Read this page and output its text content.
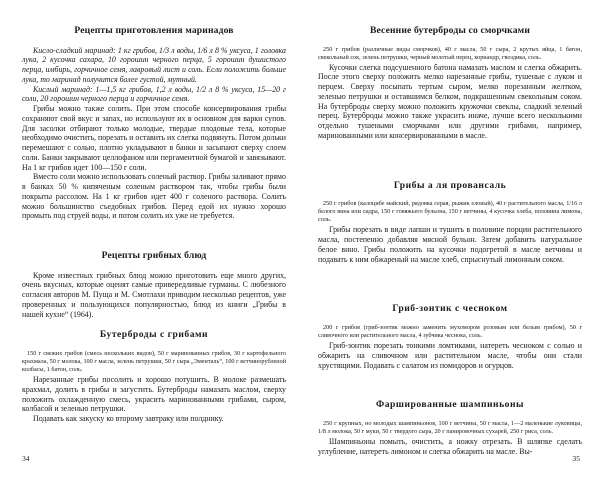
Рецепты приготовления маринадов

Кисло-сладкий маринад: 1 кг грибов, 1/3 л воды, 1/6 л 8 % уксуса, 1 головка лука, 2 кусочка сахара, 10 горошин черного перца, 5 горошин душистого перца, имбирь, горчичное семя, лавровый лист и соль. Если положить больше лука, то маринад получится более густой, мутный.

Кислый маринад: 1—1,5 кг грибов, 1,2 л воды, 1/2 л 8 % уксуса, 15—20 г соли, 20 горошин черного перца и горчичное семя.

Грибы можно также солить. При этом способе консервирования грибы сохраняют свой вкус и запах, но используют их в основном для варки супов. Для засолки отбирают только молодые, твердые плодовые тела, которые необходимо очистить, порезать и оставить их слегка подвянуть. Потом дольки перемешают с солью, плотно укладывают в банки и засыпают сверху слоем соли. Банки закрывают целлофаном или пергаментной бумагой и завязывают. На 1 кг грибов идет 100—150 г соли.

Вместо соли можно использовать соленый раствор. Грибы заливают прямо в банках 50 % кипяченым соленым раствором так, чтобы грибы были покрыты рассолом. На 1 кг грибов идет 400 г соленого раствора. Солить можно большинство съедобных грибов. Перед едой их нужно хорошо промыть под струей воды, и потом солить их уже не требуется.

Рецепты грибных блюд

Кроме известных грибных блюд можно приготовить еще много других, очень вкусных, которые оценят самые привередливые гурманы. С любезного согласия авторов М. Пуща и М. Смотлахи приводим несколько рецептов, уже проверенных и пользующихся популярностью, блюд из книги „Грибы в нашей кухне“ (1964).

Бутерброды с грибами

150 г свежих грибов (смесь нескольких видов), 50 г маринованных грибов, 30 г картофельного крахмала, 50 г молока, 100 г масла, зелень петрушки, 50 г сыра „Эменталь“, 100 г ветчинорубленой колбасы, 1 батон, соль.

Нарезанные грибы посолить и хорошо потушить. В молоке размешать крахмал, долить в грибы и загустить. Бутерброды намазать маслом, сверху положить охлажденную смесь, украсить маринованными грибами, сыром, колбасой и зеленью петрушки.

Подавать как закуску ко второму завтраку или полднику.

34
Весенние бутерброды со сморчками

250 г грибов (различные виды сморчков), 40 г масла, 50 г сыра, 2 крутых яйца, 1 батон, свекольный сок, зелень петрушки, черный молотый перец, кориандр, гвоздика, соль.

Кусочки слегка подсушенного батона намазать маслом и слегка обжарить. После этого сверху положить мелко нарезанные грибы, тушеные с луком и перцем. Сверху посыпать тертым сыром, мелко порезанным желтком, зеленью петрушки и оставшимся белком, подкрашенным свекольным соком. На бутерброды сверху можно положить кружочки свеклы, сладкий зеленый перец. Бутерброды можно также украсить иначе, лучше всего несколькими отдельно тушеными сморчками или другими грибами, например, маринованными или консервированными в масле.

Грибы а ля провансаль

250 г грибов (калоцибе майский, рядовка серая, рыжик еловый), 40 г растительного масла, 1/16 л белого вина или сидра, 150 г говяжьего бульона, 150 г ветчины, 4 кусочка хлеба, половина лимона, соль.

Грибы порезать в виде лапши и тушить в половине порции растительного масла, постепенно добавляя мясной бульон. Затем добавить натуральное белое вино. Грибы положить на кусочки подогретой в масле ветчины и подавать к ним обжареный на масле хлеб, спрыснутый лимонным соком.

Гриб-зонтик с чесноком

200 г грибов (гриб-зонтик можно заменить мухомором розовым или белым грибом), 50 г сливочного или растительного масла, 4 зубчика чеснока, соль.

Гриб-зонтик порезать тонкими ломтиками, натереть чесноком с солью и обжарить на сливочном или растительном масле, чтобы они стали хрустящими. Подавать с салатом из помидоров и огурцов.

Фаршированные шампиньоны

250 г крупных, но молодых шампиньонов, 100 г ветчины, 50 г масла, 1—2 маленькие луковицы, 1/8 л молока, 50 г муки, 50 г твердого сыра, 20 г панировочных сухарей, 250 г риса, соль.

Шампиньоны помыть, очистить, а ножку отрезать. В шляпке сделать углубление, натереть лимоном и слегка обжарить на масле. Вы-

35
